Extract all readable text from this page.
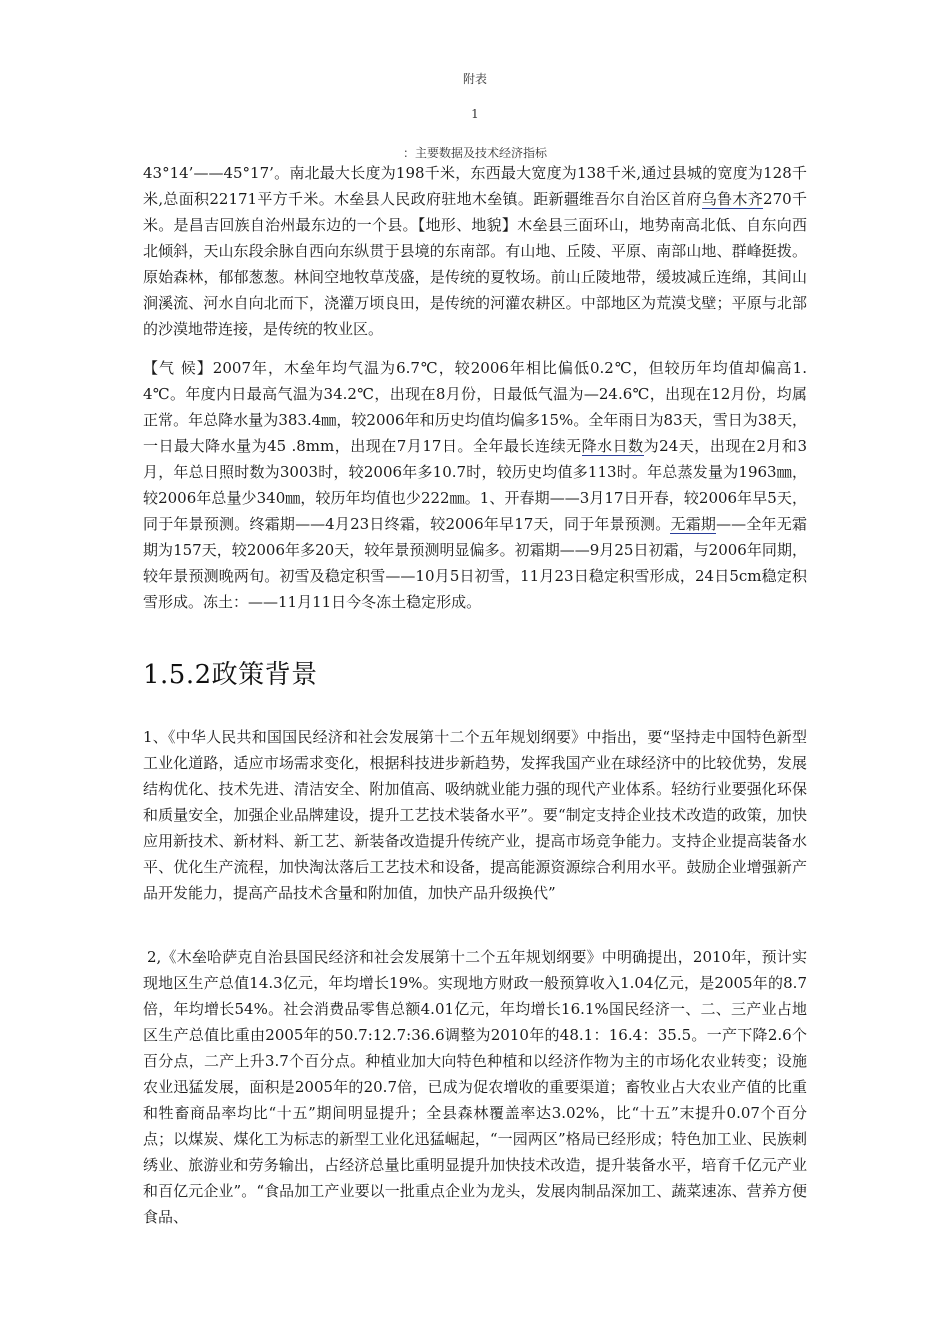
附表
1
：主要数据及技术经济指标

43°14’——45°17’。南北最大长度为198千米，东西最大宽度为138千米,通过县城的宽度为128千米,总面积22171平方千米。木垒县人民政府驻地木垒镇。距新疆维吾尔自治区首府乌鲁木齐270千米。是昌吉回族自治州最东边的一个县。【地形、地貌】木垒县三面环山，地势南高北低、自东向西北倾斜，天山东段余脉自西向东纵贯于县境的东南部。有山地、丘陵、平原、南部山地、群峰挺拨。原始森林，郁郁葱葱。林间空地牧草茂盛，是传统的夏牧场。前山丘陵地带，缓坡减丘连绵，其间山涧溪流、河水自向北而下，浇灌万顷良田，是传统的河灌农耕区。中部地区为荒漠戈壁；平原与北部的沙漠地带连接，是传统的牧业区。

【气 候】2007年，木垒年均气温为6.7℃，较2006年相比偏低0.2℃，但较历年均值却偏高1.4℃。年度内日最高气温为34.2℃，出现在8月份，日最低气温为—24.6℃，出现在12月份，均属正常。年总降水量为383.4㎜，较2006年和历史均值均偏多15%。全年雨日为83天，雪日为38天，一日最大降水量为45 .8mm，出现在7月17日。全年最长连续无降水日数为24天，出现在2月和3月，年总日照时数为3003时，较2006年多10.7时，较历史均值多113时。年总蒸发量为1963㎜，较2006年总量少340㎜，较历年均值也少222㎜。1、开春期——3月17日开春，较2006年早5天，同于年景预测。终霜期——4月23日终霜，较2006年早17天，同于年景预测。无霜期——全年无霜期为157天，较2006年多20天，较年景预测明显偏多。初霜期——9月25日初霜，与2006年同期，较年景预测晚两旬。初雪及稳定积雪——10月5日初雪，11月23日稳定积雪形成，24日5cm稳定积雪形成。冻土：——11月11日今冬冻土稳定形成。

1.5.2政策背景

1、《中华人民共和国国民经济和社会发展第十二个五年规划纲要》中指出，要“坚持走中国特色新型工业化道路，适应市场需求变化，根据科技进步新趋势，发挥我国产业在球经济中的比较优势，发展结构优化、技术先进、清洁安全、附加值高、吸纳就业能力强的现代产业体系。轻纺行业要强化环保和质量安全，加强企业品牌建设，提升工艺技术装备水平”。要“制定支持企业技术改造的政策，加快应用新技术、新材料、新工艺、新装备改造提升传统产业，提高市场竞争能力。支持企业提高装备水平、优化生产流程，加快淘汰落后工艺技术和设备，提高能源资源综合利用水平。鼓励企业增强新产品开发能力，提高产品技术含量和附加值，加快产品升级换代”

2,《木垒哈萨克自治县国民经济和社会发展第十二个五年规划纲要》中明确提出，2010年，预计实现地区生产总值14.3亿元，年均增长19%。实现地方财政一般预算收入1.04亿元，是2005年的8.7倍，年均增长54%。社会消费品零售总额4.01亿元，年均增长16.1%国民经济一、二、三产业占地区生产总值比重由2005年的50.7:12.7:36.6调整为2010年的48.1：16.4：35.5。一产下降2.6个百分点，二产上升3.7个百分点。种植业加大向特色种植和以经济作物为主的市场化农业转变；设施农业迅猛发展，面积是2005年的20.7倍，已成为促农增收的重要渠道；畜牧业占大农业产值的比重和牲畜商品率均比“十五”期间明显提升；全县森林覆盖率达3.02%，比“十五”末提升0.07个百分点；以煤炭、煤化工为标志的新型工业化迅猛崛起，“一园两区”格局已经形成；特色加工业、民族刺绣业、旅游业和劳务输出，占经济总量比重明显提升加快技术改造，提升装备水平，培育千亿元产业和百亿元企业”。“食品加工产业要以一批重点企业为龙头，发展肉制品深加工、蔬菜速冻、营养方便食品、
